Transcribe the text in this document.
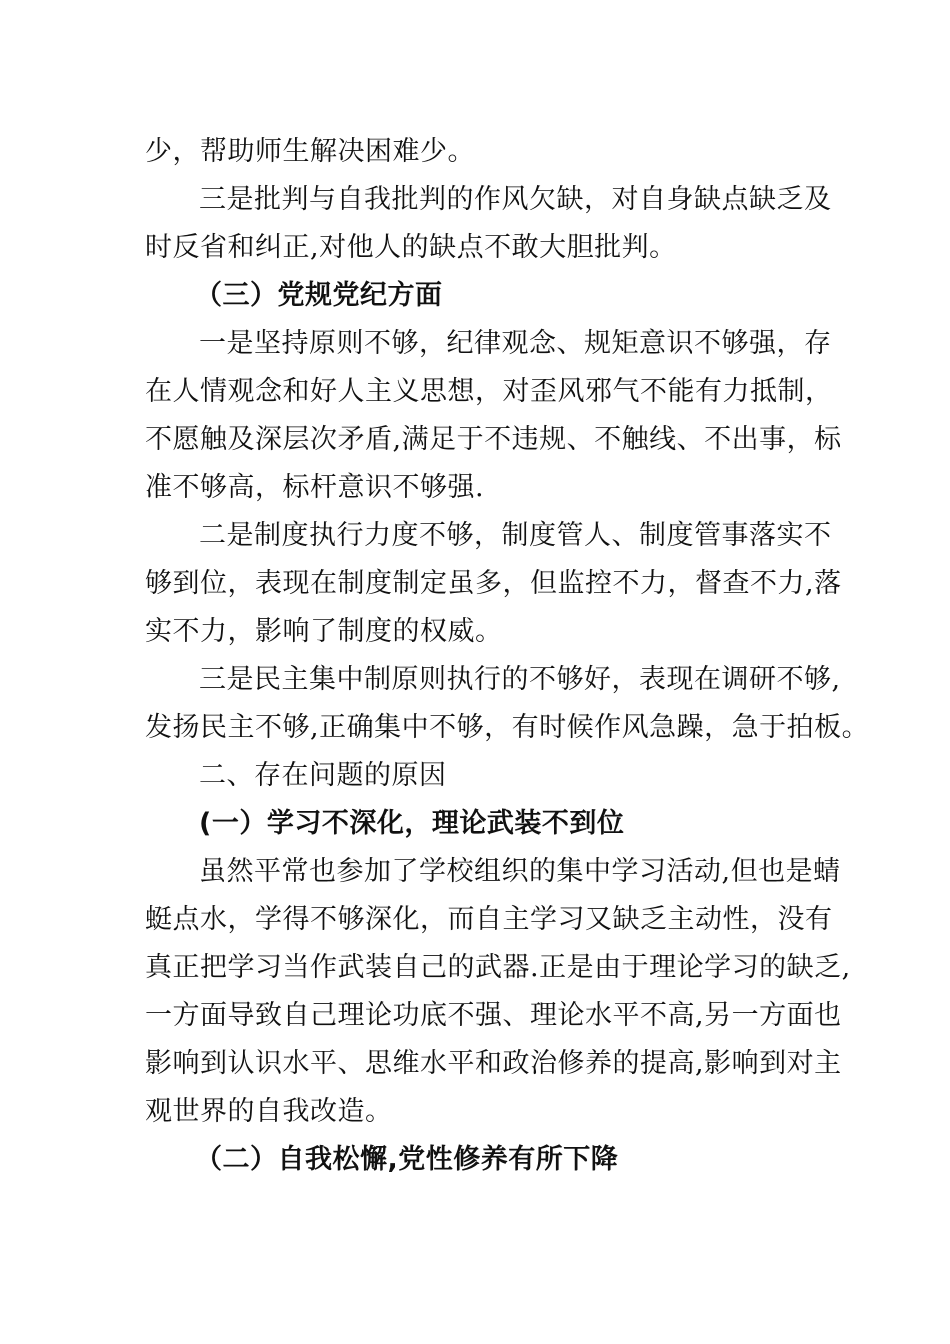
少，帮助师生解决困难少。

三是批判与自我批判的作风欠缺，对自身缺点缺乏及
时反省和纠正,对他人的缺点不敢大胆批判。

（三）党规党纪方面

一是坚持原则不够，纪律观念、规矩意识不够强，存
在人情观念和好人主义思想，对歪风邪气不能有力抵制，
不愿触及深层次矛盾,满足于不违规、不触线、不出事，标
准不够高，标杆意识不够强.

二是制度执行力度不够，制度管人、制度管事落实不
够到位，表现在制度制定虽多，但监控不力，督查不力,落
实不力，影响了制度的权威。

三是民主集中制原则执行的不够好，表现在调研不够,
发扬民主不够,正确集中不够，有时候作风急躁，急于拍板。

二、存在问题的原因

(一）学习不深化，理论武装不到位

虽然平常也参加了学校组织的集中学习活动,但也是蜻
蜓点水，学得不够深化，而自主学习又缺乏主动性，没有
真正把学习当作武装自己的武器.正是由于理论学习的缺乏,
一方面导致自己理论功底不强、理论水平不高,另一方面也
影响到认识水平、思维水平和政治修养的提高,影响到对主
观世界的自我改造。

（二）自我松懈,党性修养有所下降
